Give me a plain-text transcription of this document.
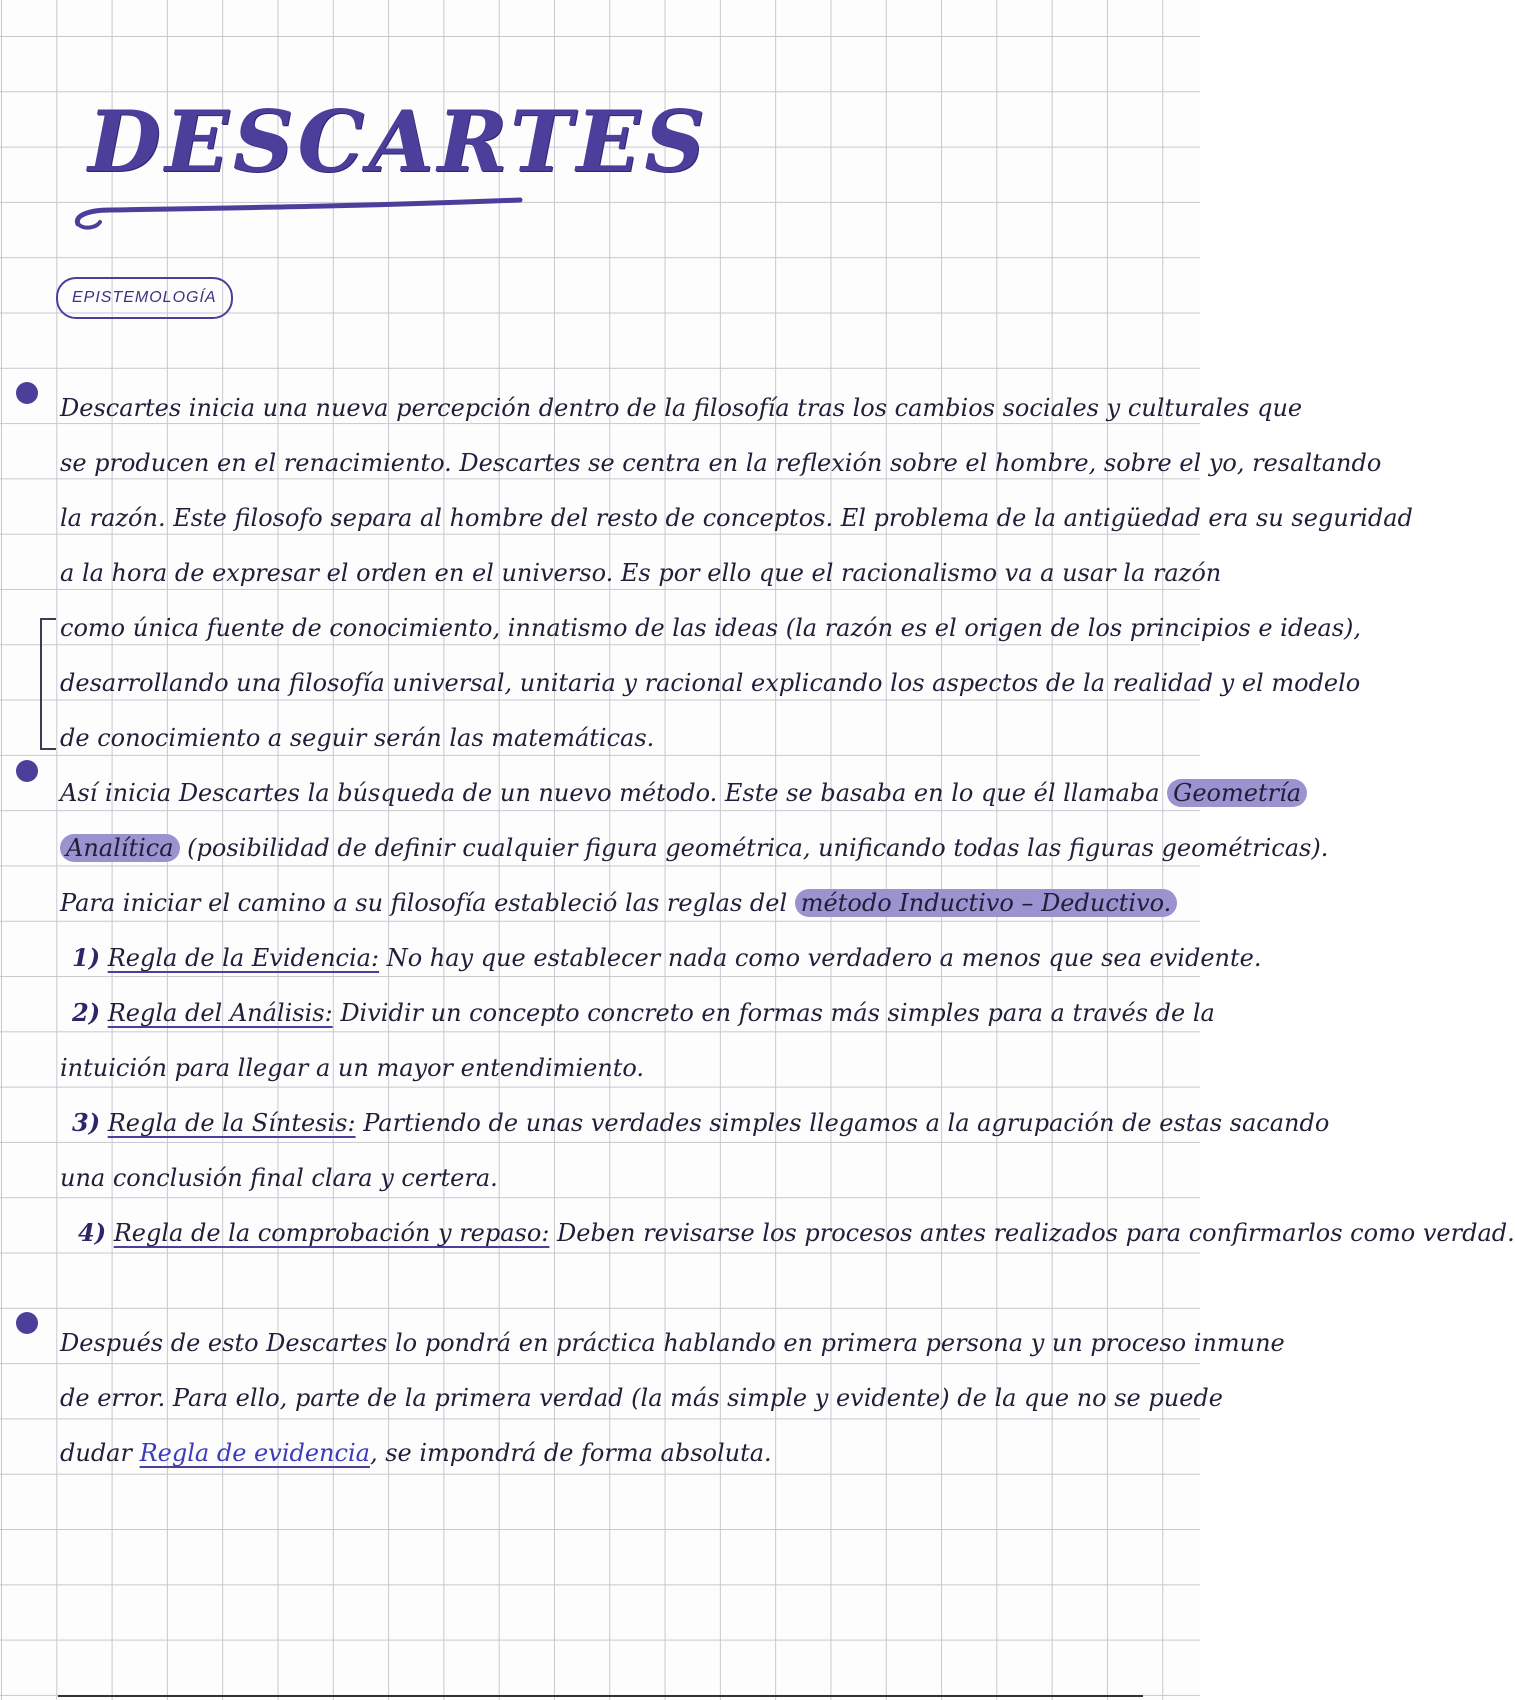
DESCARTES
EPISTEMOLOGÍA

Descartes inicia una nueva percepción dentro de la filosofía tras los cambios sociales y culturales que

se producen en el renacimiento. Descartes se centra en la reflexión sobre el hombre, sobre el yo, resaltando

la razón. Este filosofo separa al hombre del resto de conceptos. El problema de la antigüedad era su seguridad

a la hora de expresar el orden en el universo. Es por ello que el racionalismo va a usar la razón

como única fuente de conocimiento, innatismo de las ideas (la razón es el origen de los principios e ideas),

desarrollando una filosofía universal, unitaria y racional explicando los aspectos de la realidad y el modelo

de conocimiento a seguir serán las matemáticas.

Así inicia Descartes la búsqueda de un nuevo método. Este se basaba en lo que él llamaba Geometría

Analítica (posibilidad de definir cualquier figura geométrica, unificando todas las figuras geométricas).

Para iniciar el camino a su filosofía estableció las reglas del método Inductivo – Deductivo.

1) Regla de la Evidencia: No hay que establecer nada como verdadero a menos que sea evidente.

2) Regla del Análisis: Dividir un concepto concreto en formas más simples para a través de la

intuición para llegar a un mayor entendimiento.

3) Regla de la Síntesis: Partiendo de unas verdades simples llegamos a la agrupación de estas sacando

una conclusión final clara y certera.

4) Regla de la comprobación y repaso: Deben revisarse los procesos antes realizados para confirmarlos como verdad.

Después de esto Descartes lo pondrá en práctica hablando en primera persona y un proceso inmune

de error. Para ello, parte de la primera verdad (la más simple y evidente) de la que no se puede

dudar Regla de evidencia, se impondrá de forma absoluta.
